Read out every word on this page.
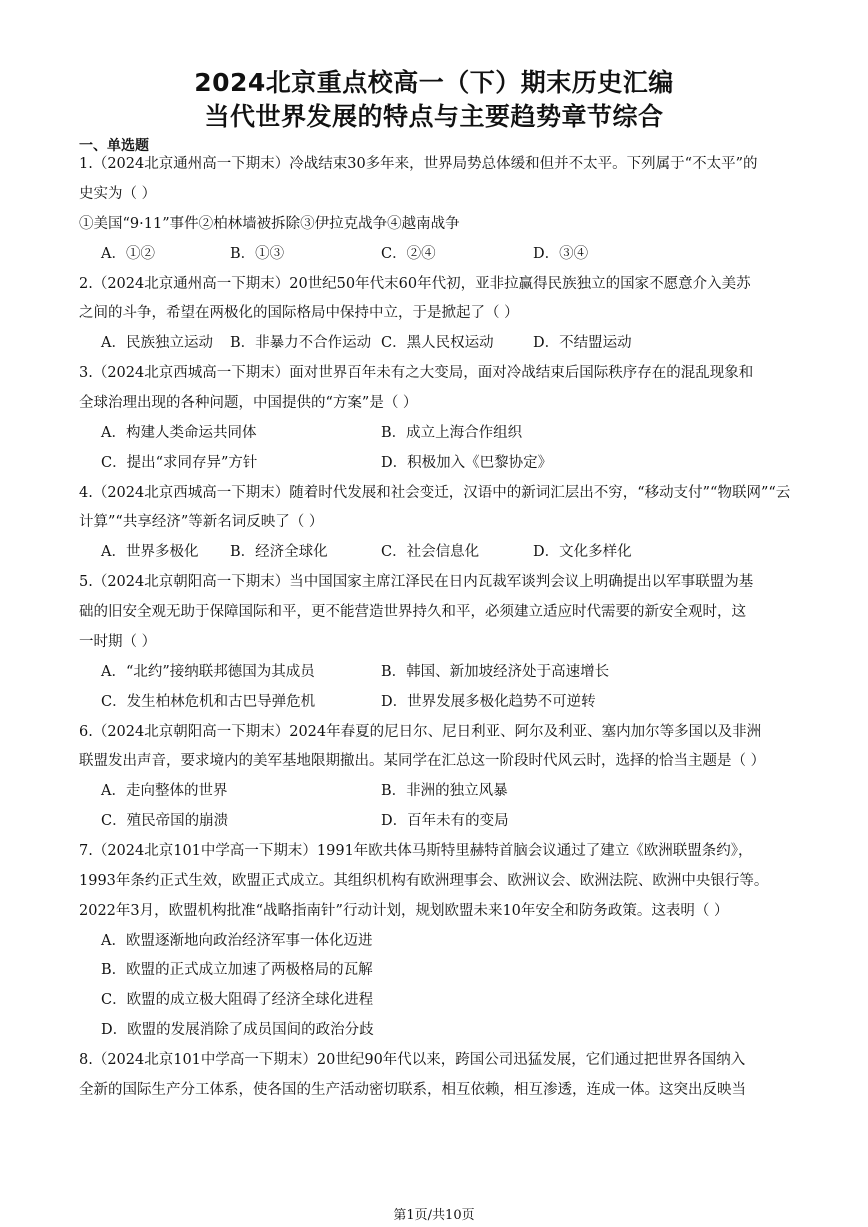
2024北京重点校高一（下）期末历史汇编
当代世界发展的特点与主要趋势章节综合
一、单选题
1.（2024北京通州高一下期末）冷战结束30多年来，世界局势总体缓和但并不太平。下列属于“不太平”的
史实为（ ）
①美国“9·11”事件②柏林墙被拆除③伊拉克战争④越南战争
A．①②	B．①③	C．②④	D．③④
2.（2024北京通州高一下期末）20世纪50年代末60年代初，亚非拉赢得民族独立的国家不愿意介入美苏
之间的斗争，希望在两极化的国际格局中保持中立，于是掀起了（ ）
A．民族独立运动 B．非暴力不合作运动 C．黑人民权运动	D．不结盟运动
3.（2024北京西城高一下期末）面对世界百年未有之大变局，面对冷战结束后国际秩序存在的混乱现象和
全球治理出现的各种问题，中国提供的“方案”是（ ）
A．构建人类命运共同体	B．成立上海合作组织
C．提出“求同存异”方针	D．积极加入《巴黎协定》
4.（2024北京西城高一下期末）随着时代发展和社会变迁，汉语中的新词汇层出不穷，“移动支付”“物联网”“云
计算”“共享经济”等新名词反映了（ ）
A．世界多极化 B．经济全球化	C．社会信息化	D．文化多样化
5.（2024北京朝阳高一下期末）当中国国家主席江泽民在日内瓦裁军谈判会议上明确提出以军事联盟为基
础的旧安全观无助于保障国际和平，更不能营造世界持久和平，必须建立适应时代需要的新安全观时，这
一时期（ ）
A．“北约”接纳联邦德国为其成员	B．韩国、新加坡经济处于高速增长
C．发生柏林危机和古巴导弹危机	D．世界发展多极化趋势不可逆转
6.（2024北京朝阳高一下期末）2024年春夏的尼日尔、尼日利亚、阿尔及利亚、塞内加尔等多国以及非洲
联盟发出声音，要求境内的美军基地限期撤出。某同学在汇总这一阶段时代风云时，选择的恰当主题是（ ）
A．走向整体的世界	B．非洲的独立风暴
C．殖民帝国的崩溃	D．百年未有的变局
7.（2024北京101中学高一下期末）1991年欧共体马斯特里赫特首脑会议通过了建立《欧洲联盟条约》，
1993年条约正式生效，欧盟正式成立。其组织机构有欧洲理事会、欧洲议会、欧洲法院、欧洲中央银行等。
2022年3月，欧盟机构批准“战略指南针”行动计划，规划欧盟未来10年安全和防务政策。这表明（ ）
A．欧盟逐渐地向政治经济军事一体化迈进
B．欧盟的正式成立加速了两极格局的瓦解
C．欧盟的成立极大阻碍了经济全球化进程
D．欧盟的发展消除了成员国间的政治分歧
8.（2024北京101中学高一下期末）20世纪90年代以来，跨国公司迅猛发展，它们通过把世界各国纳入
全新的国际生产分工体系，使各国的生产活动密切联系，相互依赖，相互渗透，连成一体。这突出反映当
第1页/共10页
